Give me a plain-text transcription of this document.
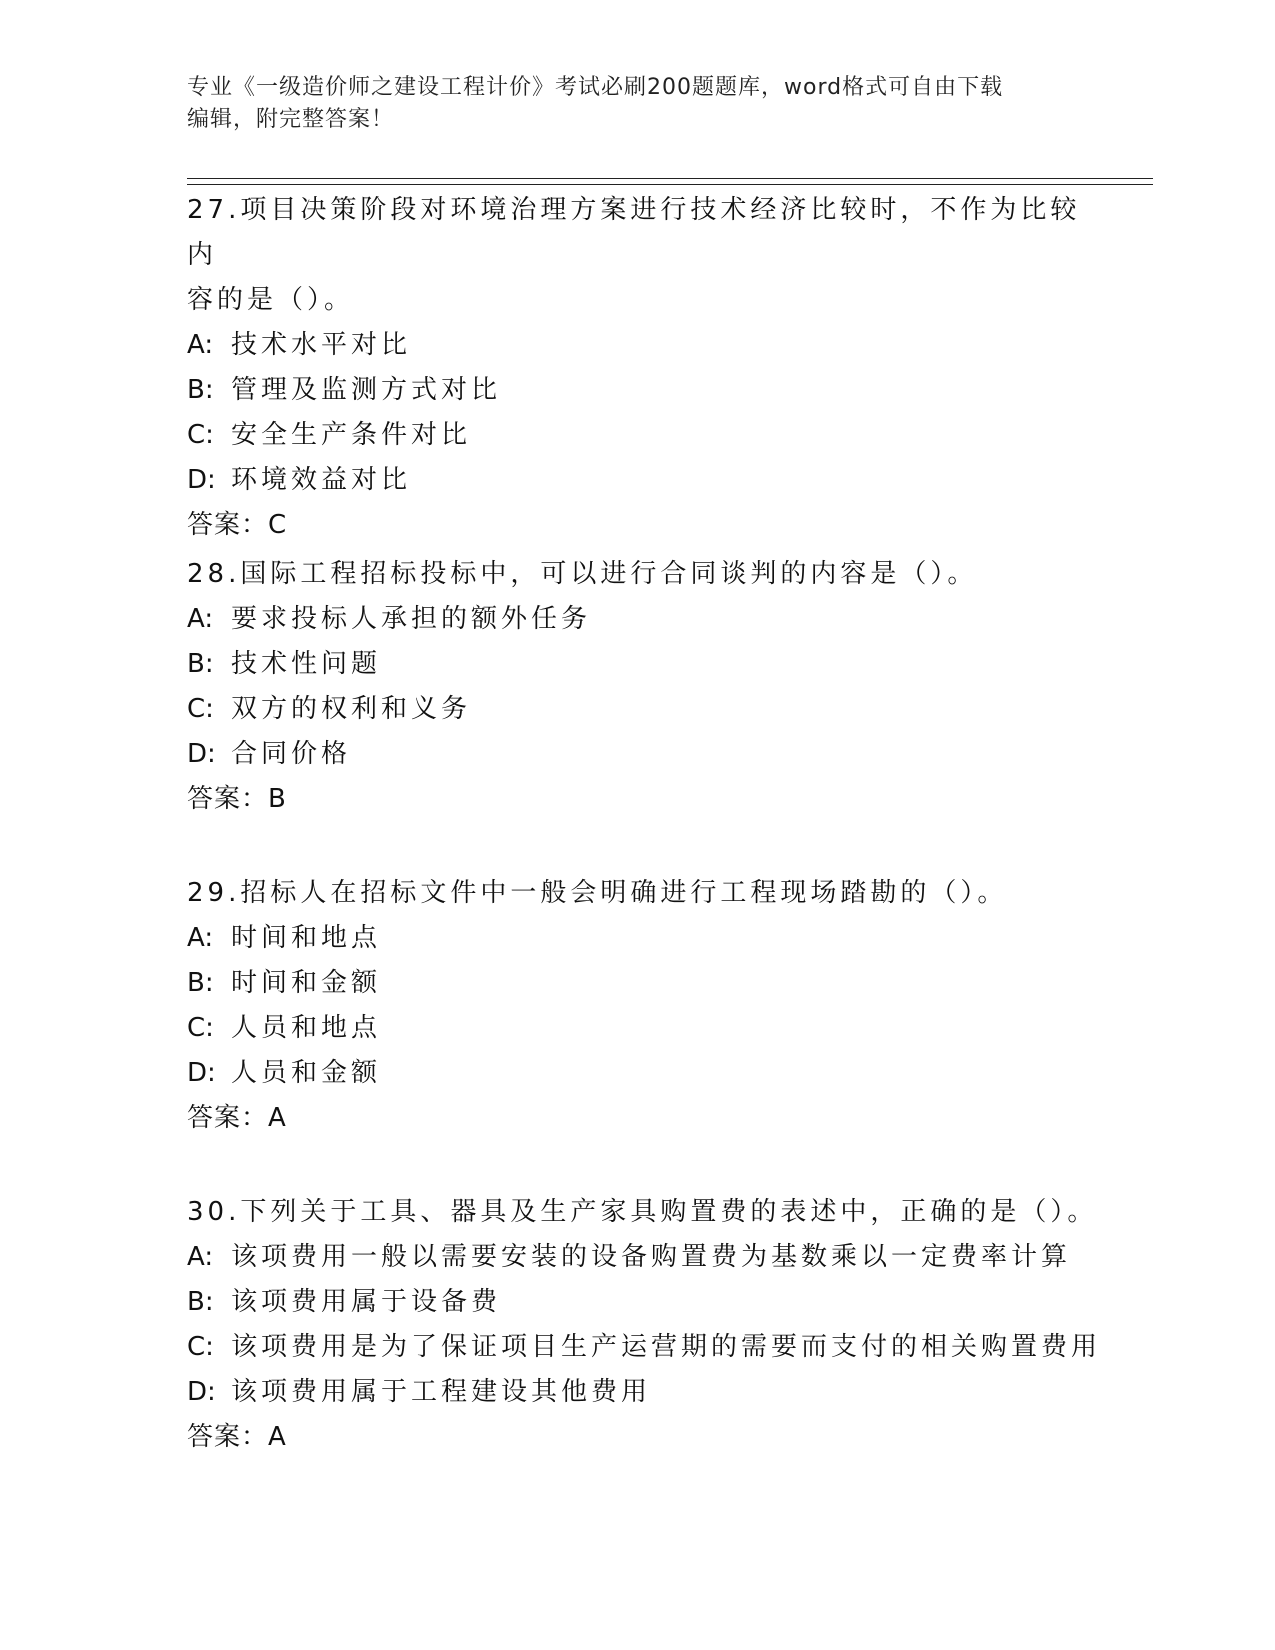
专业《一级造价师之建设工程计价》考试必刷200题题库，word格式可自由下载
编辑，附完整答案！

27.项目决策阶段对环境治理方案进行技术经济比较时，不作为比较内

容的是（）。

A: 技术水平对比

B: 管理及监测方式对比

C: 安全生产条件对比

D: 环境效益对比

答案：C

28.国际工程招标投标中，可以进行合同谈判的内容是（）。

A: 要求投标人承担的额外任务

B: 技术性问题

C: 双方的权利和义务

D: 合同价格

答案：B

29.招标人在招标文件中一般会明确进行工程现场踏勘的（）。

A: 时间和地点

B: 时间和金额

C: 人员和地点

D: 人员和金额

答案：A

30.下列关于工具、器具及生产家具购置费的表述中，正确的是（）。

A: 该项费用一般以需要安装的设备购置费为基数乘以一定费率计算

B: 该项费用属于设备费

C: 该项费用是为了保证项目生产运营期的需要而支付的相关购置费用

D: 该项费用属于工程建设其他费用

答案：A
